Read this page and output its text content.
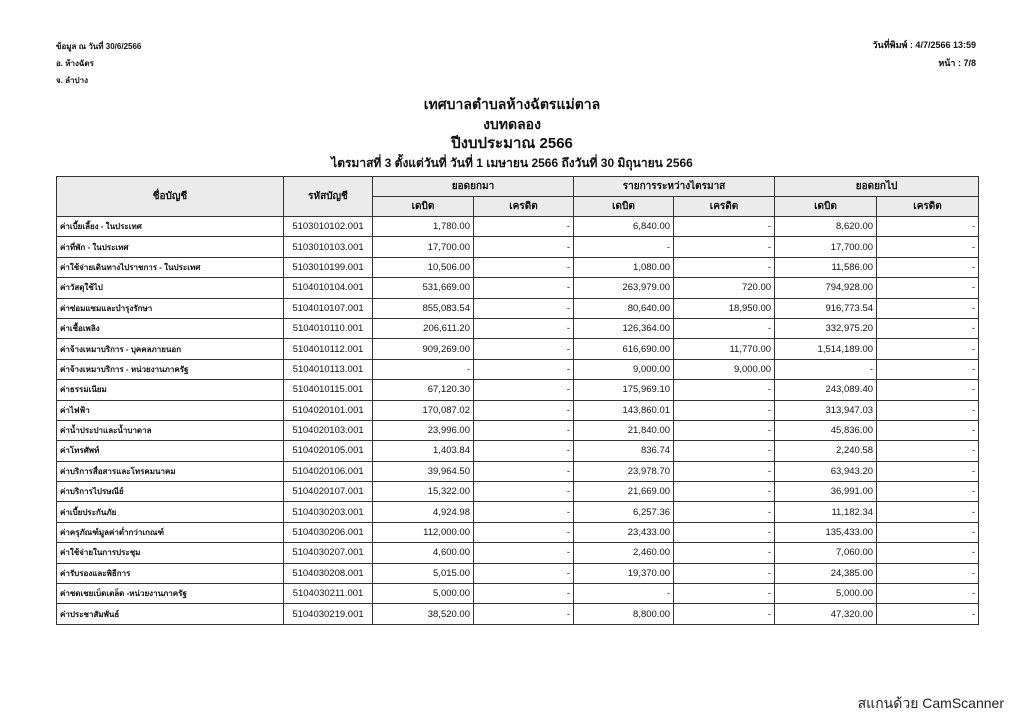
ข้อมูล ณ วันที่ 30/6/2566
อ. ห้างฉัตร
จ. ลำปาง
วันที่พิมพ์ : 4/7/2566 13:59
หน้า : 7/8
เทศบาลตำบลห้างฉัตรแม่ตาล
งบทดลอง
ปีงบประมาณ 2566
ไตรมาสที่ 3 ตั้งแต่วันที่ วันที่ 1 เมษายน 2566 ถึงวันที่ 30 มิถุนายน 2566
ชื่อบัญชี	รหัสบัญชี	ยอดยกมา		รายการระหว่างไตรมาส		ยอดยกไป	
		เดบิต	เครดิต	เดบิต	เครดิต	เดบิต	เครดิต
ค่าเบี้ยเลี้ยง - ในประเทศ	5103010102.001	1,780.00	-	6,840.00	-	8,620.00	-
ค่าที่พัก - ในประเทศ	5103010103.001	17,700.00	-	-	-	17,700.00	-
ค่าใช้จ่ายเดินทางไปราชการ - ในประเทศ	5103010199.001	10,506.00	-	1,080.00	-	11,586.00	-
ค่าวัสดุใช้ไป	5104010104.001	531,669.00	-	263,979.00	720.00	794,928.00	-
ค่าซ่อมแซมและบำรุงรักษา	5104010107.001	855,083.54	-	80,640.00	18,950.00	916,773.54	-
ค่าเชื้อเพลิง	5104010110.001	206,611.20	-	126,364.00	-	332,975.20	-
ค่าจ้างเหมาบริการ - บุคคลภายนอก	5104010112.001	909,269.00	-	616,690.00	11,770.00	1,514,189.00	-
ค่าจ้างเหมาบริการ - หน่วยงานภาครัฐ	5104010113.001	-	-	9,000.00	9,000.00	-	-
ค่าธรรมเนียม	5104010115.001	67,120.30	-	175,969.10	-	243,089.40	-
ค่าไฟฟ้า	5104020101.001	170,087.02	-	143,860.01	-	313,947.03	-
ค่าน้ำประปาและน้ำบาดาล	5104020103.001	23,996.00	-	21,840.00	-	45,836.00	-
ค่าโทรศัพท์	5104020105.001	1,403.84	-	836.74	-	2,240.58	-
ค่าบริการสื่อสารและโทรคมนาคม	5104020106.001	39,964.50	-	23,978.70	-	63,943.20	-
ค่าบริการไปรษณีย์	5104020107.001	15,322.00	-	21,669.00	-	36,991.00	-
ค่าเบี้ยประกันภัย	5104030203.001	4,924.98	-	6,257.36	-	11,182.34	-
ค่าครุภัณฑ์มูลค่าต่ำกว่าเกณฑ์	5104030206.001	112,000.00	-	23,433.00	-	135,433.00	-
ค่าใช้จ่ายในการประชุม	5104030207.001	4,600.00	-	2,460.00	-	7,060.00	-
ค่ารับรองและพิธีการ	5104030208.001	5,015.00	-	19,370.00	-	24,385.00	-
ค่าชดเชยเบ็ดเตล็ด -หน่วยงานภาครัฐ	5104030211.001	5,000.00	-	-	-	5,000.00	-
ค่าประชาสัมพันธ์	5104030219.001	38,520.00	-	8,800.00	-	47,320.00	-
สแกนด้วย CamScanner
